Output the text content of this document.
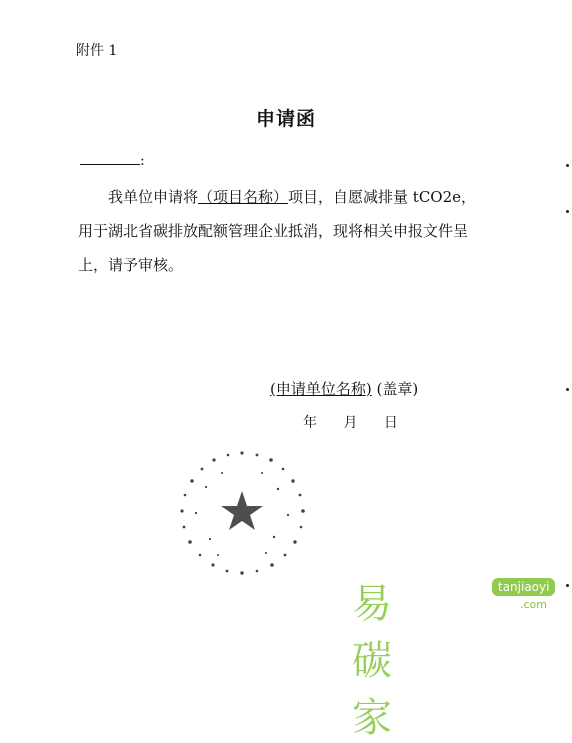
附件 1
申请函
:

我单位申请将（项目名称）项目，自愿减排量 tCO2e，

用于湖北省碳排放配额管理企业抵消，现将相关申报文件呈

上，请予审核。

(申请单位名称) (盖章)
年 月 日
易碳家
tanjiaoyi
.com
